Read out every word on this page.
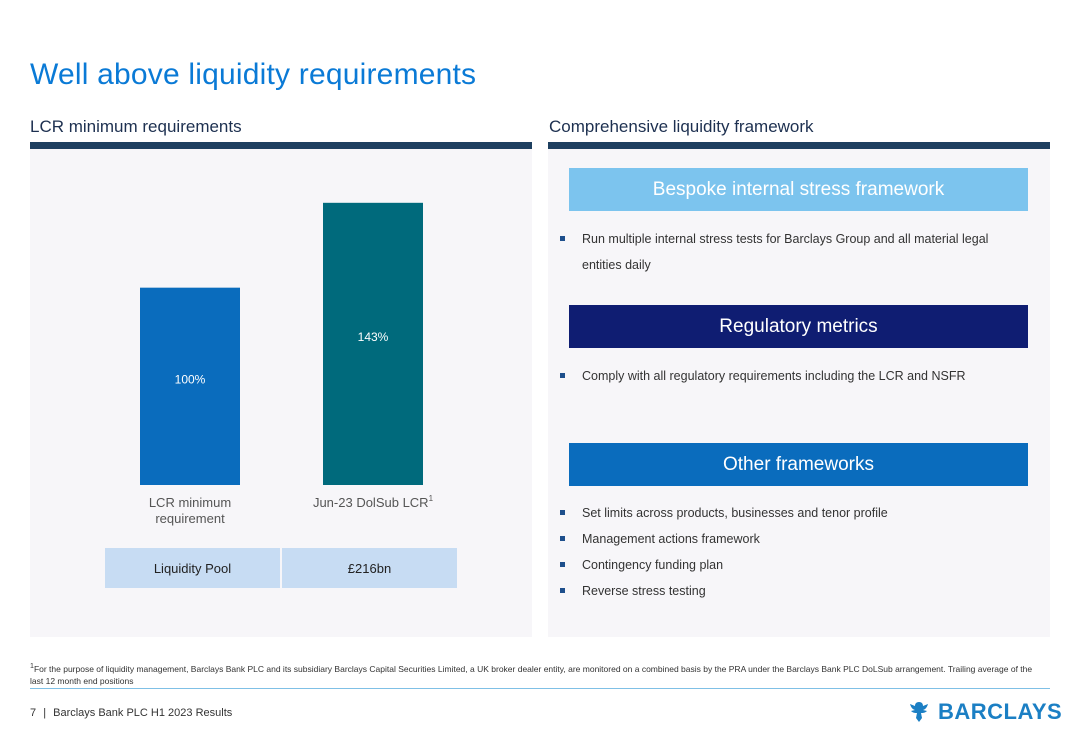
Well above liquidity requirements
LCR minimum requirements
100%
LCR minimum
requirement
143%
Jun-23 DolSub LCR$^1$
Liquidity Pool	£216bn
Comprehensive liquidity framework
Bespoke internal stress framework
Run multiple internal stress tests for Barclays Group and all material legal entities daily
Regulatory metrics
Comply with all regulatory requirements including the LCR and NSFR
Other frameworks
Set limits across products, businesses and tenor profile
Management actions framework
Contingency funding plan
Reverse stress testing
$^1$For the purpose of liquidity management, Barclays Bank PLC and its subsidiary Barclays Capital Securities Limited, a UK broker dealer entity, are monitored on a combined basis by the PRA under the Barclays Bank PLC DoLSub arrangement. Trailing average of the last 12 month end positions
7 | Barclays Bank PLC H1 2023 Results	BARCLAYS
